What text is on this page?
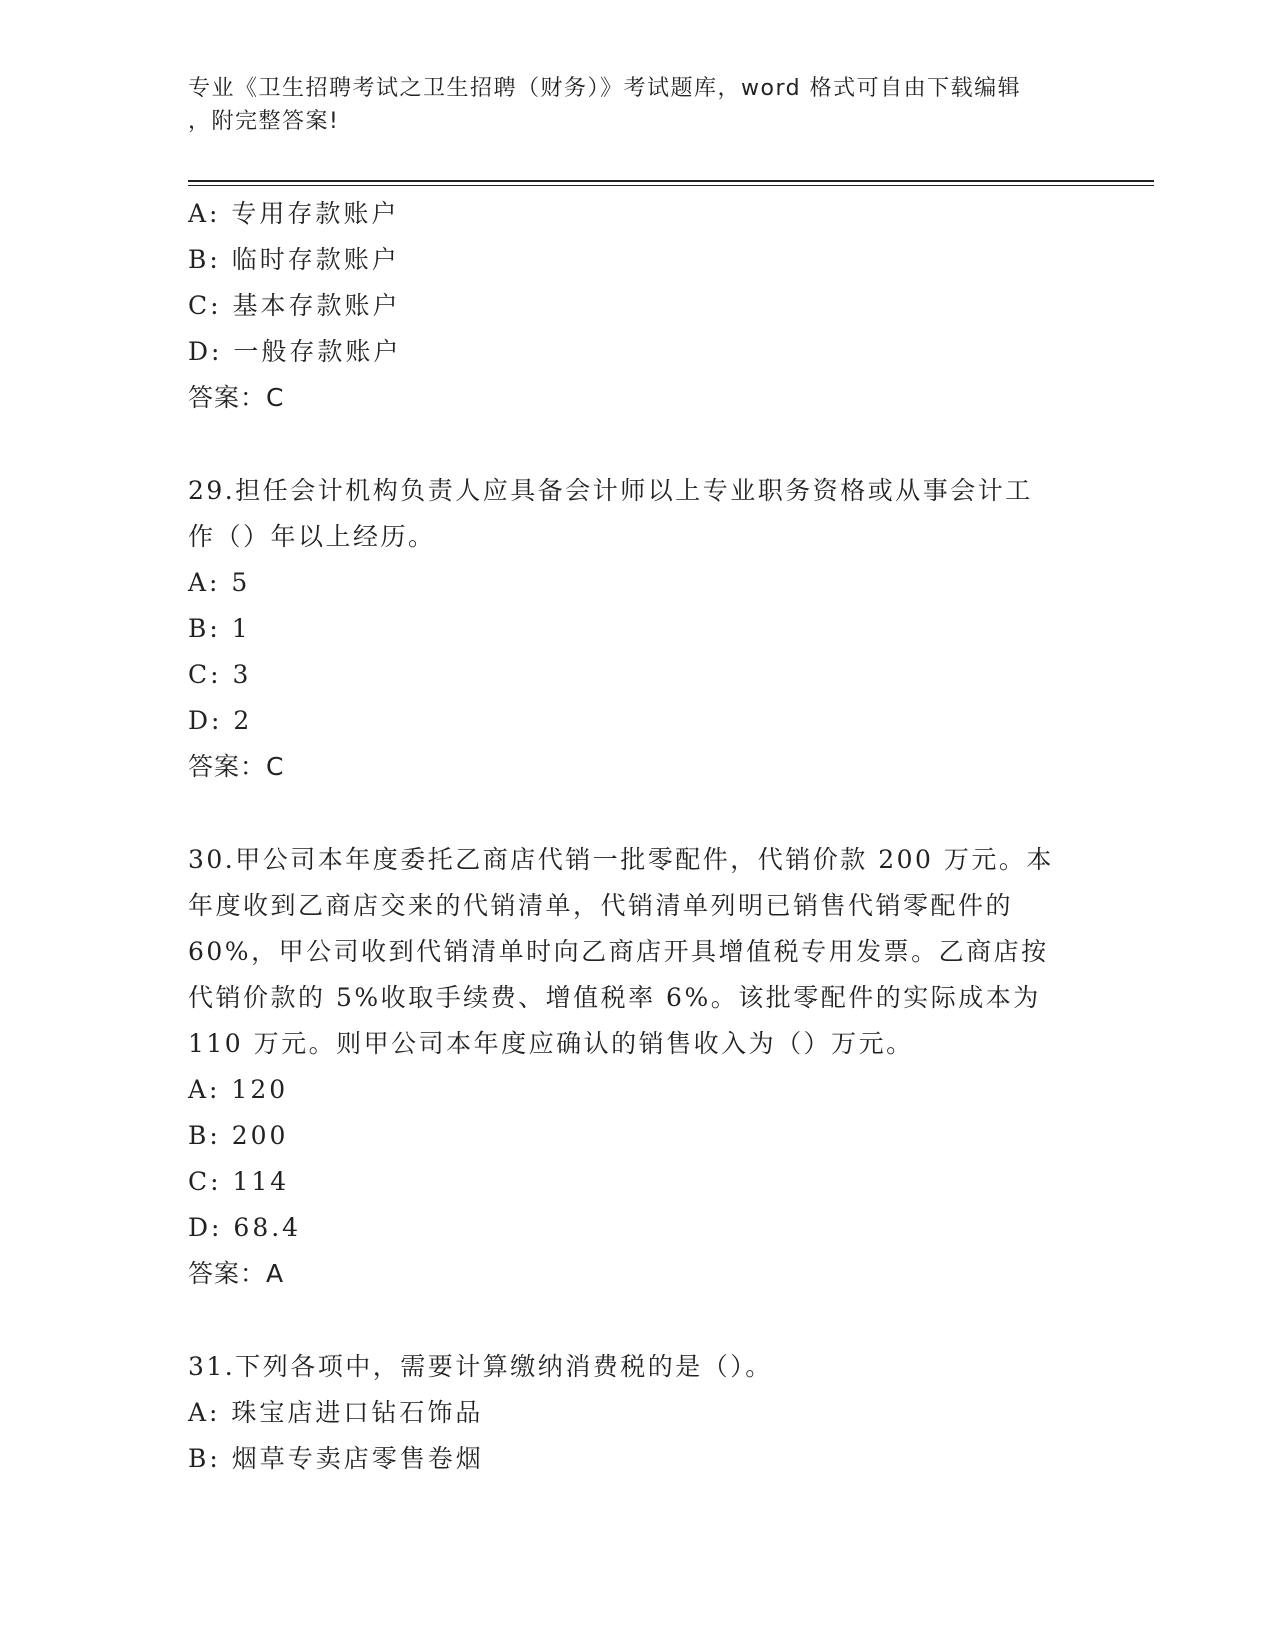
专业《卫生招聘考试之卫生招聘（财务）》考试题库，word 格式可自由下载编辑
，附完整答案!
A: 专用存款账户
B: 临时存款账户
C: 基本存款账户
D: 一般存款账户
答案：C
29.担任会计机构负责人应具备会计师以上专业职务资格或从事会计工
作（）年以上经历。
A: 5
B: 1
C: 3
D: 2
答案：C
30.甲公司本年度委托乙商店代销一批零配件，代销价款 200 万元。本
年度收到乙商店交来的代销清单，代销清单列明已销售代销零配件的
60%，甲公司收到代销清单时向乙商店开具增值税专用发票。乙商店按
代销价款的 5%收取手续费、增值税率 6%。该批零配件的实际成本为
110 万元。则甲公司本年度应确认的销售收入为（）万元。
A: 120
B: 200
C: 114
D: 68.4
答案：A
31.下列各项中，需要计算缴纳消费税的是（）。
A: 珠宝店进口钻石饰品
B: 烟草专卖店零售卷烟
